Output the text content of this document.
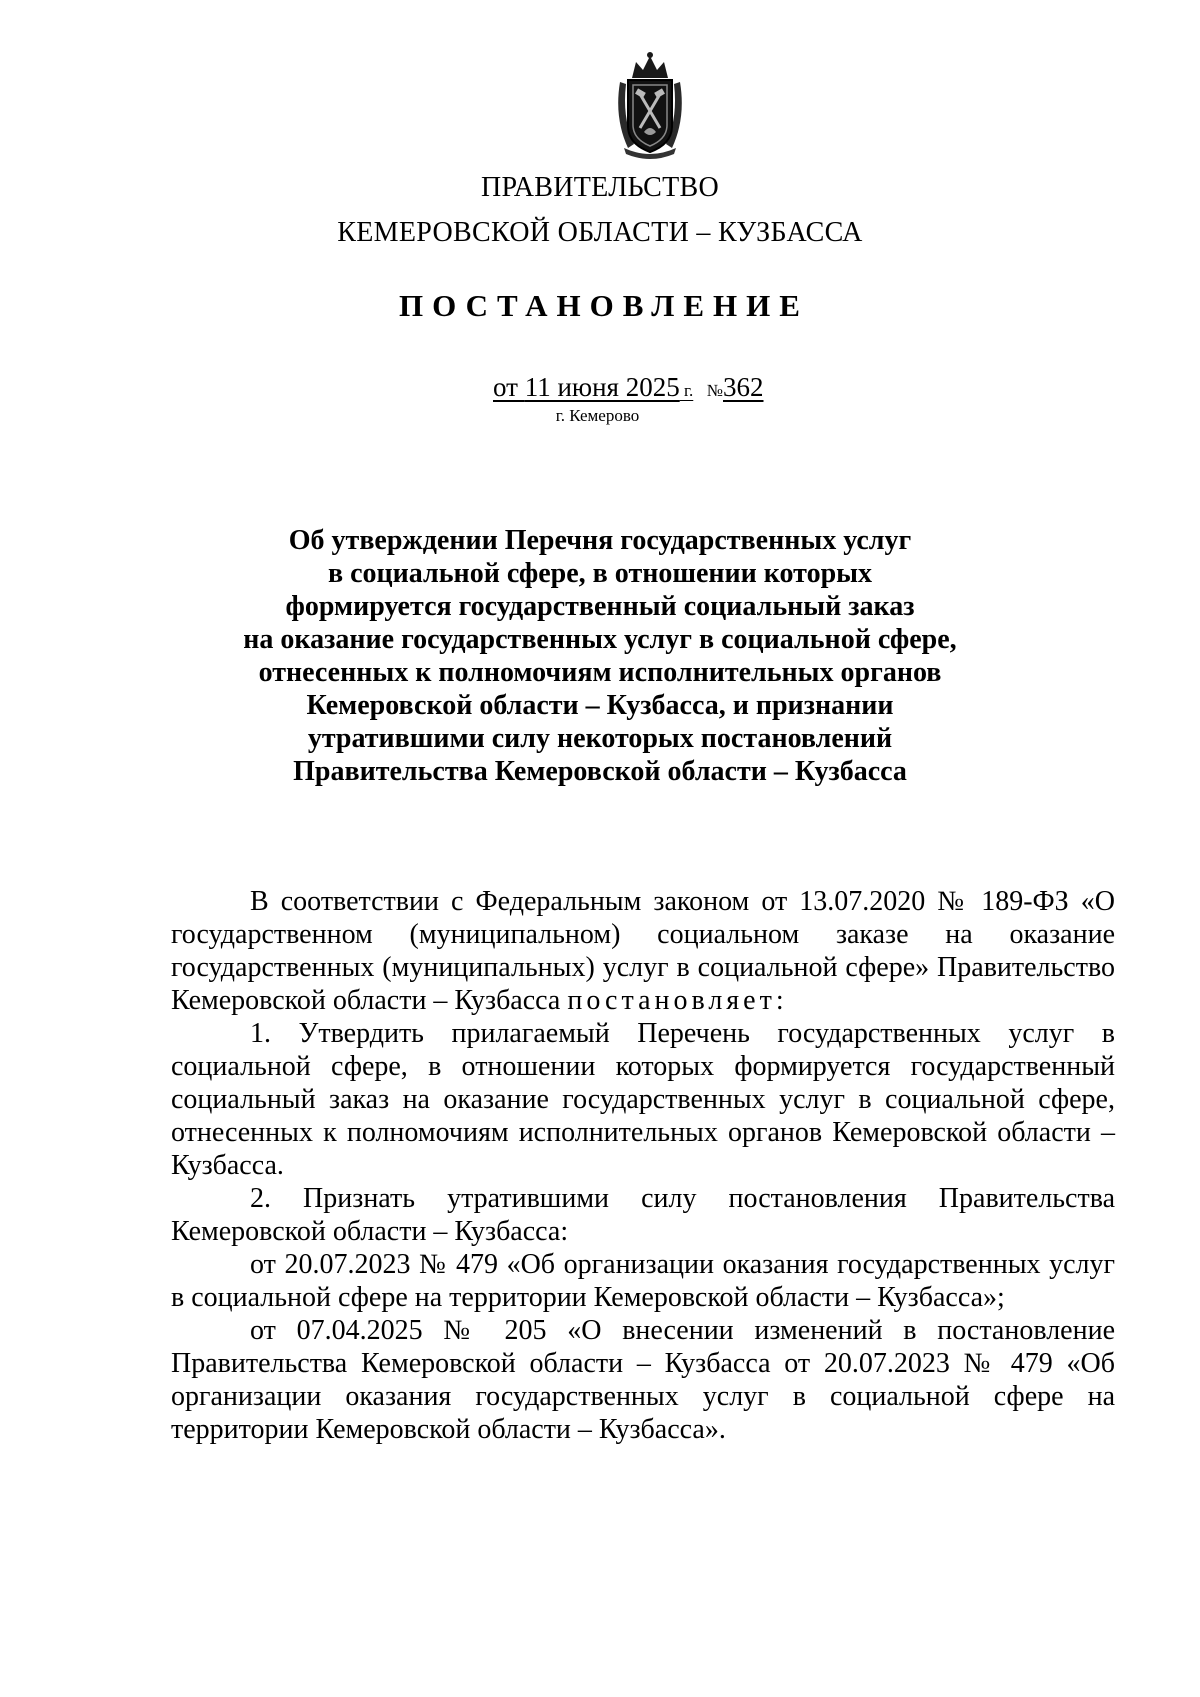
ПРАВИТЕЛЬСТВО
КЕМЕРОВСКОЙ ОБЛАСТИ – КУЗБАССА
ПОСТАНОВЛЕНИЕ
от 11 июня 2025 г. №362
г. Кемерово
Об утверждении Перечня государственных услуг
в социальной сфере, в отношении которых
формируется государственный социальный заказ
на оказание государственных услуг в социальной сфере,
отнесенных к полномочиям исполнительных органов
Кемеровской области – Кузбасса, и признании
утратившими силу некоторых постановлений
Правительства Кемеровской области – Кузбасса

В соответствии с Федеральным законом от 13.07.2020 № 189-ФЗ «О государственном (муниципальном) социальном заказе на оказание государственных (муниципальных) услуг в социальной сфере» Правительство Кемеровской области – Кузбасса постановляет:

1. Утвердить прилагаемый Перечень государственных услуг в социальной сфере, в отношении которых формируется государственный социальный заказ на оказание государственных услуг в социальной сфере, отнесенных к полномочиям исполнительных органов Кемеровской области – Кузбасса.

2. Признать утратившими силу постановления Правительства Кемеровской области – Кузбасса:

от 20.07.2023 № 479 «Об организации оказания государственных услуг в социальной сфере на территории Кемеровской области – Кузбасса»;

от 07.04.2025 № 205 «О внесении изменений в постановление Правительства Кемеровской области – Кузбасса от 20.07.2023 № 479 «Об организации оказания государственных услуг в социальной сфере на территории Кемеровской области – Кузбасса».
